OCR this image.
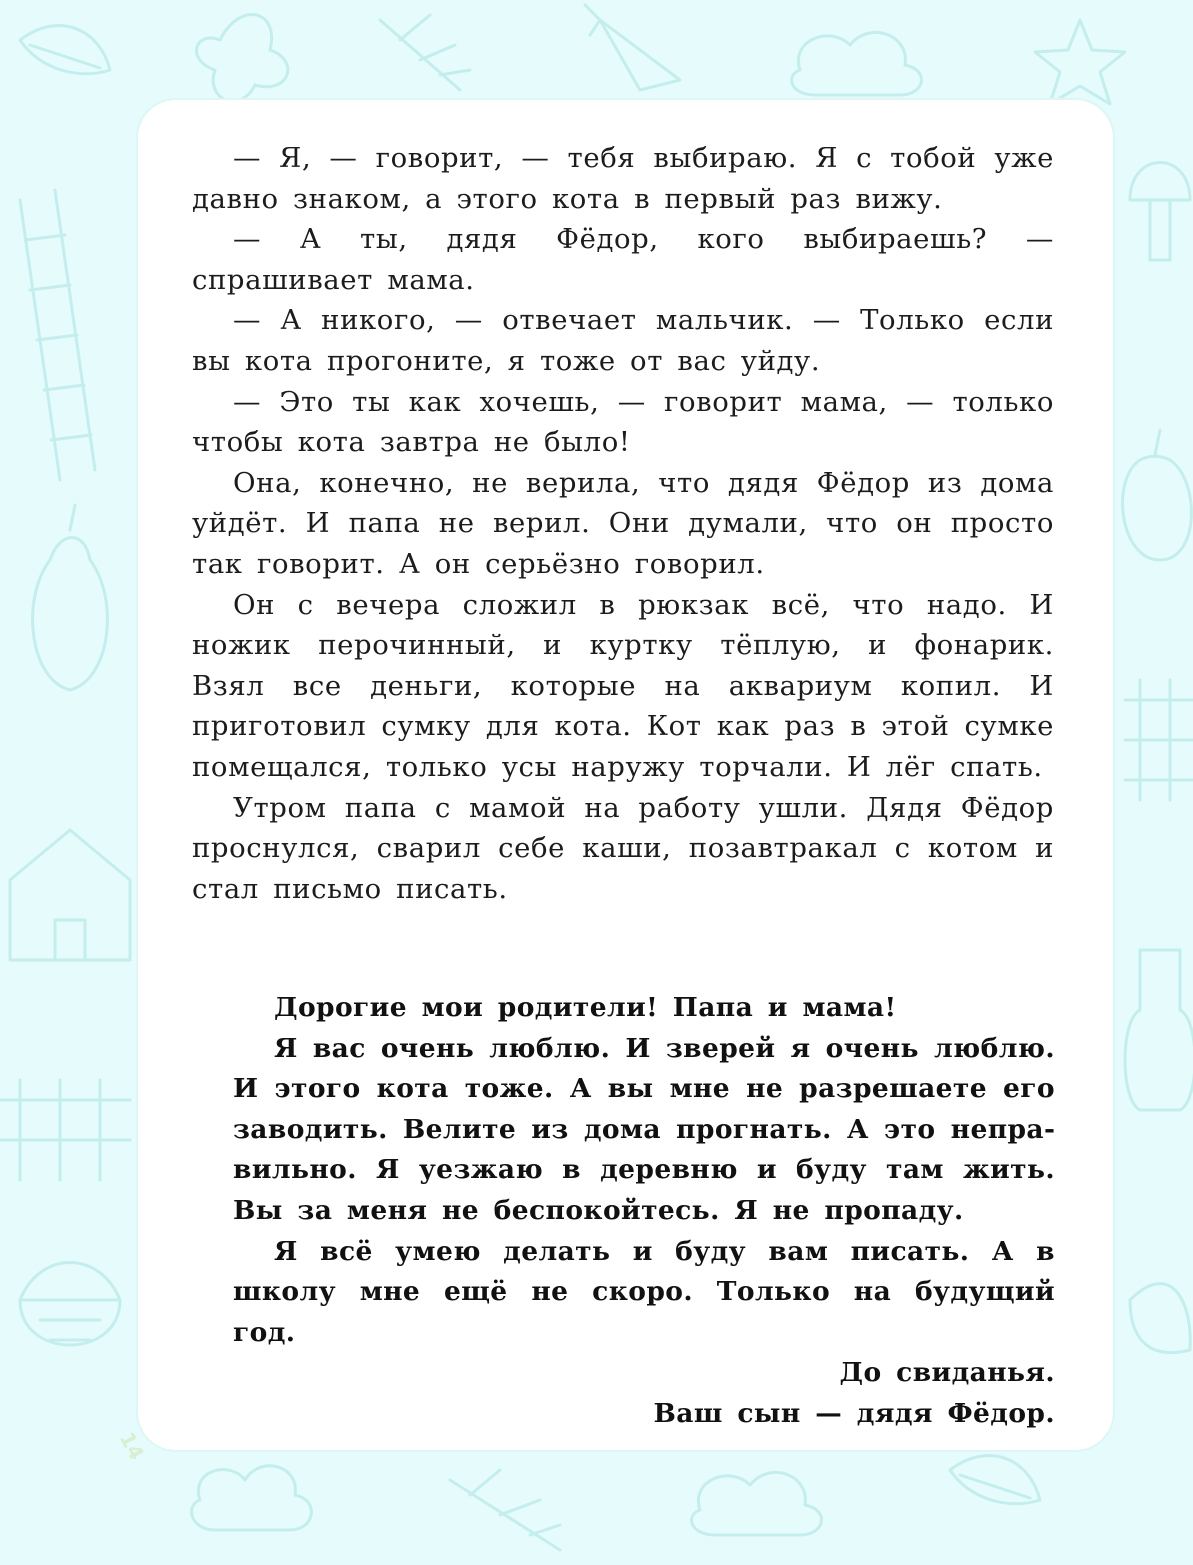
— Я, — говорит, — тебя выбираю. Я с тобой уже давно знаком, а этого кота в первый раз вижу.

— А ты, дядя Фёдор, кого выбираешь? — спрашивает мама.

— А никого, — отвечает мальчик. — Только если вы кота прогоните, я тоже от вас уйду.

— Это ты как хочешь, — говорит мама, — только чтобы кота завтра не было!

Она, конечно, не верила, что дядя Фёдор из дома уйдёт. И папа не верил. Они думали, что он просто так говорит. А он серьёзно говорил.

Он с вечера сложил в рюкзак всё, что надо. И ножик перочинный, и куртку тёплую, и фонарик. Взял все деньги, которые на аквариум копил. И приготовил сумку для кота. Кот как раз в этой сумке помещался, только усы наружу торчали. И лёг спать.

Утром папа с мамой на работу ушли. Дядя Фёдор проснулся, сварил себе каши, позавтракал с котом и стал письмо писать.

Дорогие мои родители! Папа и мама!

Я вас очень люблю. И зверей я очень люблю. И этого кота тоже. А вы мне не разрешаете его заводить. Велите из дома прогнать. А это неправильно. Я уезжаю в деревню и буду там жить. Вы за меня не беспокойтесь. Я не пропаду.

Я всё умею делать и буду вам писать. А в школу мне ещё не скоро. Только на будущий год.

До свиданья.

Ваш сын — дядя Фёдор.

14
